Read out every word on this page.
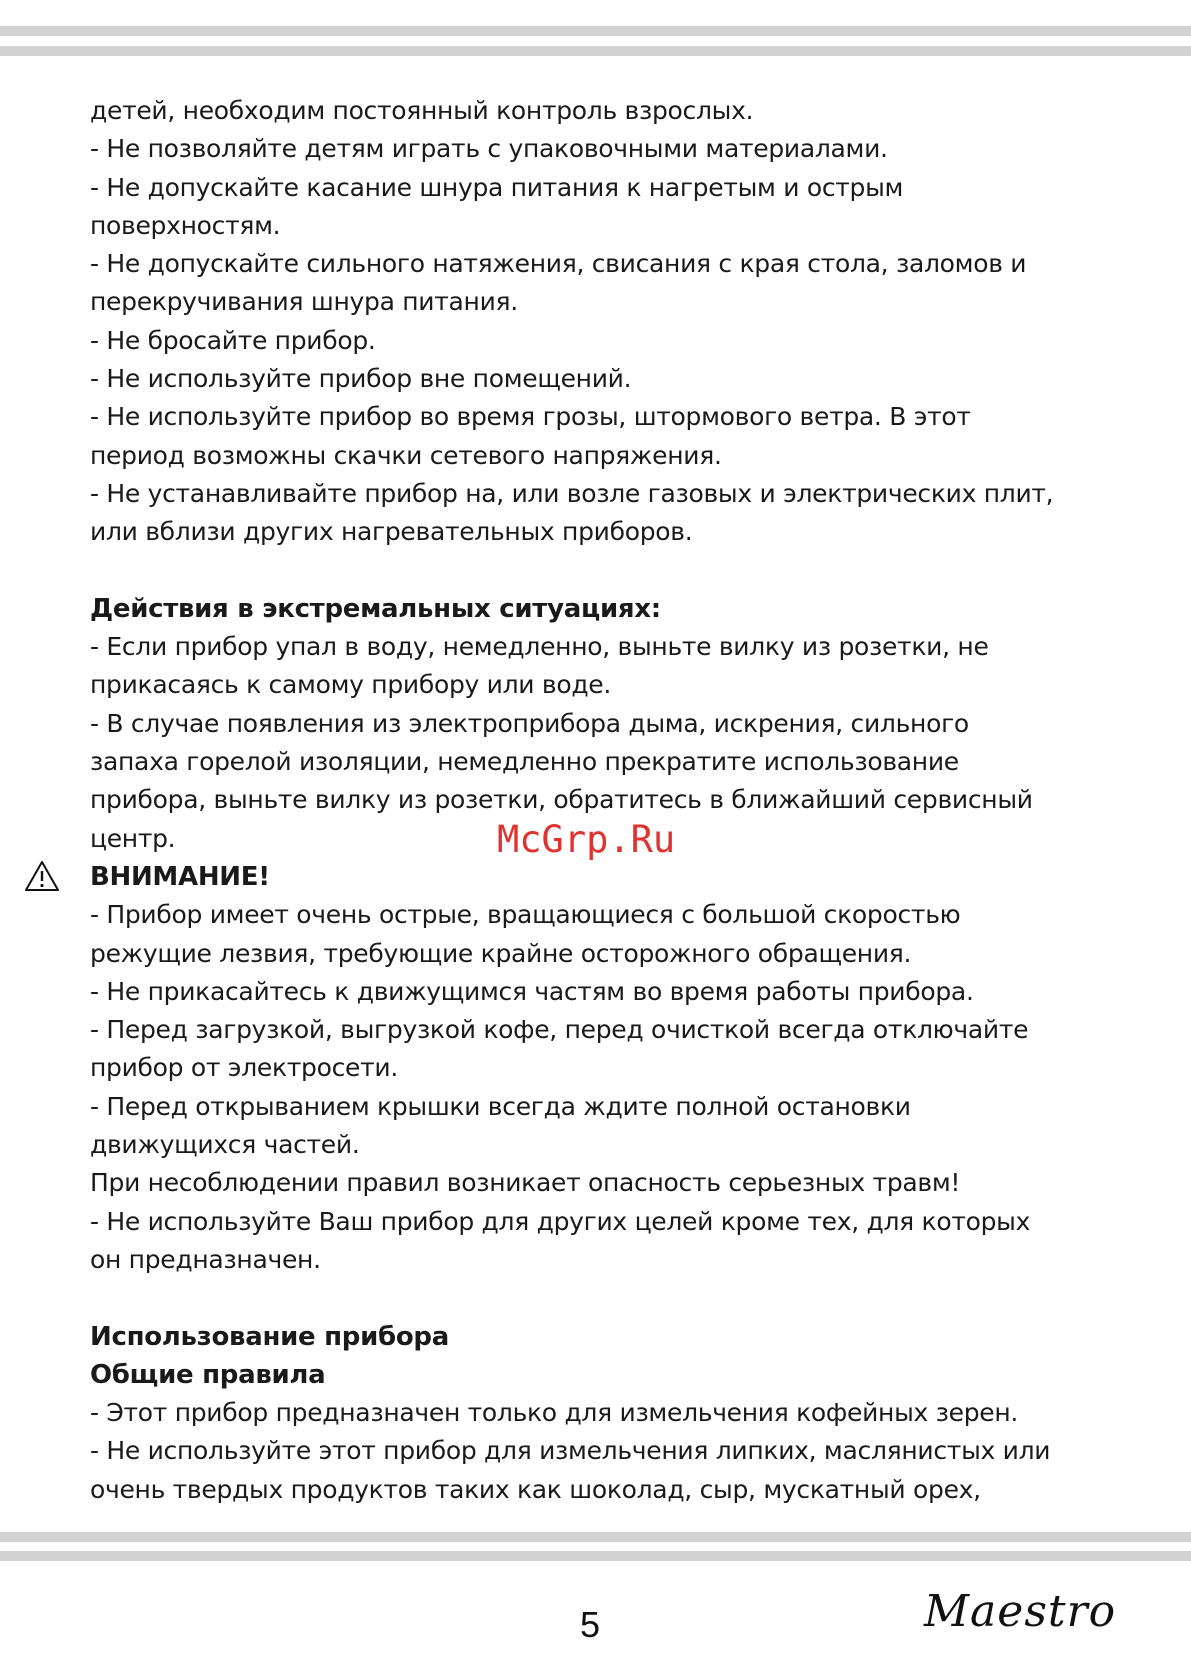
детей, необходим постоянный контроль взрослых.
- Не позволяйте детям играть с упаковочными материалами.
- Не допускайте касание шнура питания к нагретым и острым
поверхностям.
- Не допускайте сильного натяжения, свисания с края стола, заломов и
перекручивания шнура питания.
- Не бросайте прибор.
- Не используйте прибор вне помещений.
- Не используйте прибор во время грозы, штормового ветра. В этот
период возможны скачки сетевого напряжения.
- Не устанавливайте прибор на, или возле газовых и электрических плит,
или вблизи других нагревательных приборов.
Действия в экстремальных ситуациях:
- Если прибор упал в воду, немедленно, выньте вилку из розетки, не
прикасаясь к самому прибору или воде.
- В случае появления из электроприбора дыма, искрения, сильного
запаха горелой изоляции, немедленно прекратите использование
прибора, выньте вилку из розетки, обратитесь в ближайший сервисный
центр.
ВНИМАНИЕ!
- Прибор имеет очень острые, вращающиеся с большой скоростью
режущие лезвия, требующие крайне осторожного обращения.
- Не прикасайтесь к движущимся частям во время работы прибора.
- Перед загрузкой, выгрузкой кофе, перед очисткой всегда отключайте
прибор от электросети.
- Перед открыванием крышки всегда ждите полной остановки
движущихся частей.
При несоблюдении правил возникает опасность серьезных травм!
- Не используйте Ваш прибор для других целей кроме тех, для которых
он предназначен.
Использование прибора
Общие правила
- Этот прибор предназначен только для измельчения кофейных зерен.
- Не используйте этот прибор для измельчения липких, маслянистых или
очень твердых продуктов таких как шоколад, сыр, мускатный орех,
McGrp.Ru
5	Maestro
